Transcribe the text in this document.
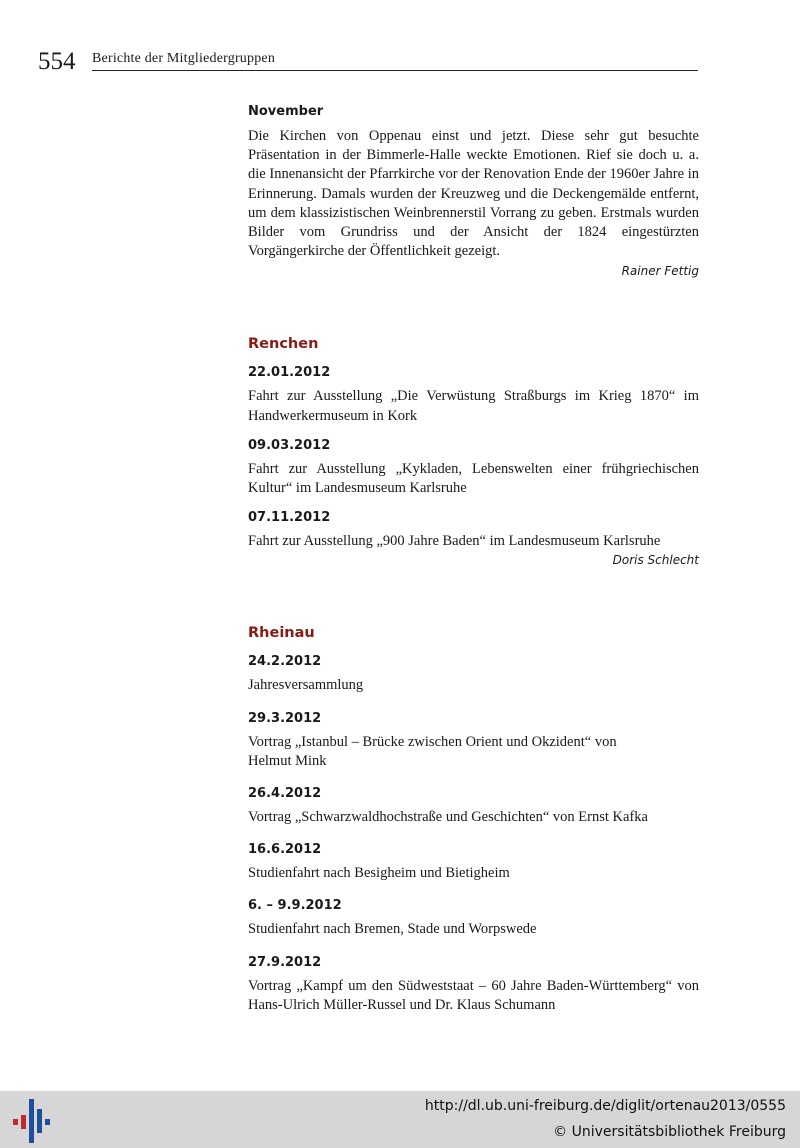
554 Berichte der Mitgliedergruppen

November

Die Kirchen von Oppenau einst und jetzt. Diese sehr gut besuchte Präsentation in der Bimmerle-Halle weckte Emotionen. Rief sie doch u. a. die Innenansicht der Pfarrkirche vor der Renovation Ende der 1960er Jahre in Erinnerung. Damals wurden der Kreuzweg und die Deckengemälde entfernt, um dem klassizistischen Weinbrennerstil Vorrang zu geben. Erstmals wurden Bilder vom Grundriss und der Ansicht der 1824 eingestürzten Vorgängerkirche der Öffentlichkeit gezeigt.

Rainer Fettig

Renchen

22.01.2012

Fahrt zur Ausstellung „Die Verwüstung Straßburgs im Krieg 1870“ im Handwerkermuseum in Kork

09.03.2012

Fahrt zur Ausstellung „Kykladen, Lebenswelten einer frühgriechischen Kultur“ im Landesmuseum Karlsruhe

07.11.2012

Fahrt zur Ausstellung „900 Jahre Baden“ im Landesmuseum Karlsruhe

Doris Schlecht

Rheinau

24.2.2012

Jahresversammlung

29.3.2012

Vortrag „Istanbul – Brücke zwischen Orient und Okzident“ von Helmut Mink

26.4.2012

Vortrag „Schwarzwaldhochstraße und Geschichten“ von Ernst Kafka

16.6.2012

Studienfahrt nach Besigheim und Bietigheim

6. – 9.9.2012

Studienfahrt nach Bremen, Stade und Worpswede

27.9.2012

Vortrag „Kampf um den Südweststaat – 60 Jahre Baden-Württemberg“ von Hans-Ulrich Müller-Russel und Dr. Klaus Schumann

http://dl.ub.uni-freiburg.de/diglit/ortenau2013/0555
© Universitätsbibliothek Freiburg
